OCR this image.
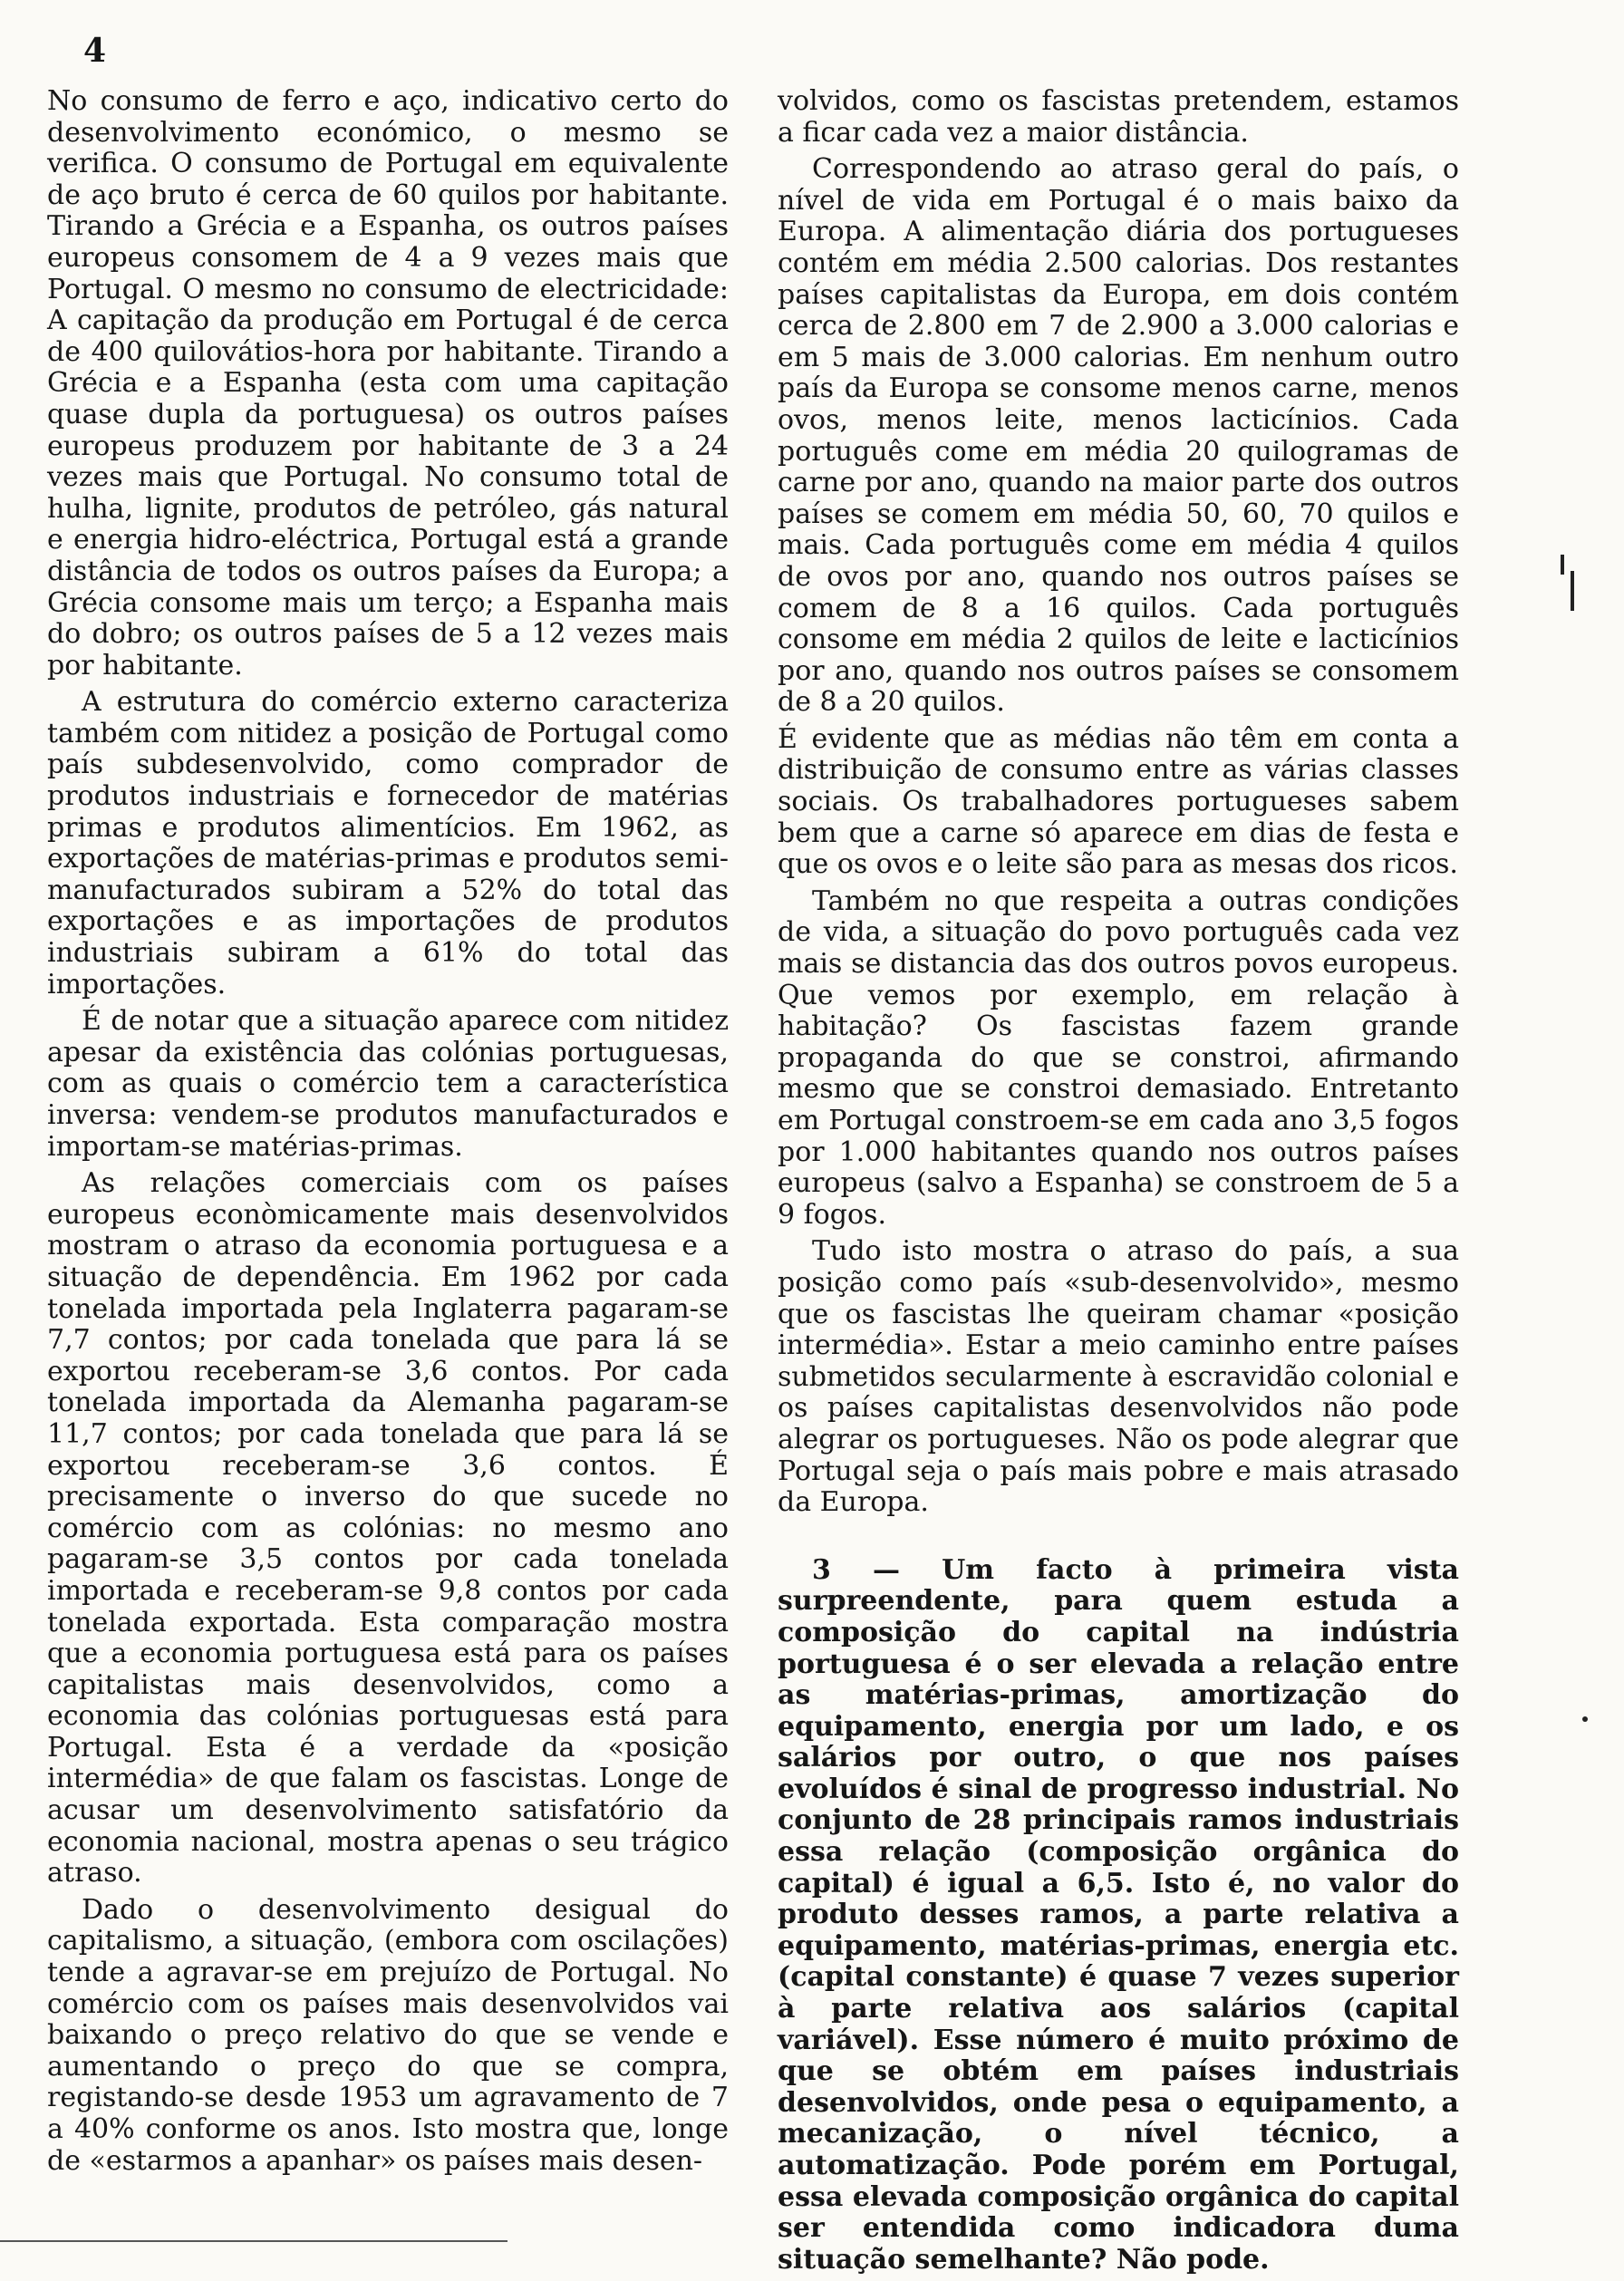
4

No consumo de ferro e aço, indicativo certo do desenvolvimento económico, o mesmo se verifica. O consumo de Portugal em equivalente de aço bruto é cerca de 60 quilos por habitante. Tirando a Grécia e a Espanha, os outros países europeus consomem de 4 a 9 vezes mais que Portugal. O mesmo no consumo de electricidade: A capitação da produção em Portugal é de cerca de 400 quilovátios-hora por habitante. Tirando a Grécia e a Espanha (esta com uma capitação quase dupla da portuguesa) os outros países europeus produzem por habitante de 3 a 24 vezes mais que Portugal. No consumo total de hulha, lignite, produtos de petróleo, gás natural e energia hidro-eléctrica, Portugal está a grande distância de todos os outros países da Europa; a Grécia consome mais um terço; a Espanha mais do dobro; os outros países de 5 a 12 vezes mais por habitante.

A estrutura do comércio externo caracteriza também com nitidez a posição de Portugal como país subdesenvolvido, como comprador de produtos industriais e fornecedor de matérias primas e produtos alimentícios. Em 1962, as exportações de matérias-primas e produtos semi-manufacturados subiram a 52% do total das exportações e as importações de produtos industriais subiram a 61% do total das importações.

É de notar que a situação aparece com nitidez apesar da existência das colónias portuguesas, com as quais o comércio tem a característica inversa: vendem-se produtos manufacturados e importam-se matérias-primas.

As relações comerciais com os países europeus econòmicamente mais desenvolvidos mostram o atraso da economia portuguesa e a situação de dependência. Em 1962 por cada tonelada importada pela Inglaterra pagaram-se 7,7 contos; por cada tonelada que para lá se exportou receberam-se 3,6 contos. Por cada tonelada importada da Alemanha pagaram-se 11,7 contos; por cada tonelada que para lá se exportou receberam-se 3,6 contos. É precisamente o inverso do que sucede no comércio com as colónias: no mesmo ano pagaram-se 3,5 contos por cada tonelada importada e receberam-se 9,8 contos por cada tonelada exportada. Esta comparação mostra que a economia portuguesa está para os países capitalistas mais desenvolvidos, como a economia das colónias portuguesas está para Portugal. Esta é a verdade da «posição intermédia» de que falam os fascistas. Longe de acusar um desenvolvimento satisfatório da economia nacional, mostra apenas o seu trágico atraso.

Dado o desenvolvimento desigual do capitalismo, a situação, (embora com oscilações) tende a agravar-se em prejuízo de Portugal. No comércio com os países mais desenvolvidos vai baixando o preço relativo do que se vende e aumentando o preço do que se compra, registando-se desde 1953 um agravamento de 7 a 40% conforme os anos. Isto mostra que, longe de «estarmos a apanhar» os países mais desen-

volvidos, como os fascistas pretendem, estamos a ficar cada vez a maior distância.

Correspondendo ao atraso geral do país, o nível de vida em Portugal é o mais baixo da Europa. A alimentação diária dos portugueses contém em média 2.500 calorias. Dos restantes países capitalistas da Europa, em dois contém cerca de 2.800 em 7 de 2.900 a 3.000 calorias e em 5 mais de 3.000 calorias. Em nenhum outro país da Europa se consome menos carne, menos ovos, menos leite, menos lacticínios. Cada português come em média 20 quilogramas de carne por ano, quando na maior parte dos outros países se comem em média 50, 60, 70 quilos e mais. Cada português come em média 4 quilos de ovos por ano, quando nos outros países se comem de 8 a 16 quilos. Cada português consome em média 2 quilos de leite e lacticínios por ano, quando nos outros países se consomem de 8 a 20 quilos.

É evidente que as médias não têm em conta a distribuição de consumo entre as várias classes sociais. Os trabalhadores portugueses sabem bem que a carne só aparece em dias de festa e que os ovos e o leite são para as mesas dos ricos.

Também no que respeita a outras condições de vida, a situação do povo português cada vez mais se distancia das dos outros povos europeus. Que vemos por exemplo, em relação à habitação? Os fascistas fazem grande propaganda do que se constroi, afirmando mesmo que se constroi demasiado. Entretanto em Portugal constroem-se em cada ano 3,5 fogos por 1.000 habitantes quando nos outros países europeus (salvo a Espanha) se constroem de 5 a 9 fogos.

Tudo isto mostra o atraso do país, a sua posição como país «sub-desenvolvido», mesmo que os fascistas lhe queiram chamar «posição intermédia». Estar a meio caminho entre países submetidos secularmente à escravidão colonial e os países capitalistas desenvolvidos não pode alegrar os portugueses. Não os pode alegrar que Portugal seja o país mais pobre e mais atrasado da Europa.

3 — Um facto à primeira vista surpreendente, para quem estuda a composição do capital na indústria portuguesa é o ser elevada a relação entre as matérias-primas, amortização do equipamento, energia por um lado, e os salários por outro, o que nos países evoluídos é sinal de progresso industrial. No conjunto de 28 principais ramos industriais essa relação (composição orgânica do capital) é igual a 6,5. Isto é, no valor do produto desses ramos, a parte relativa a equipamento, matérias-primas, energia etc. (capital constante) é quase 7 vezes superior à parte relativa aos salários (capital variável). Esse número é muito próximo de que se obtém em países industriais desenvolvidos, onde pesa o equipamento, a mecanização, o nível técnico, a automatização. Pode porém em Portugal, essa elevada composição orgânica do capital ser entendida como indicadora duma situação semelhante? Não pode.
